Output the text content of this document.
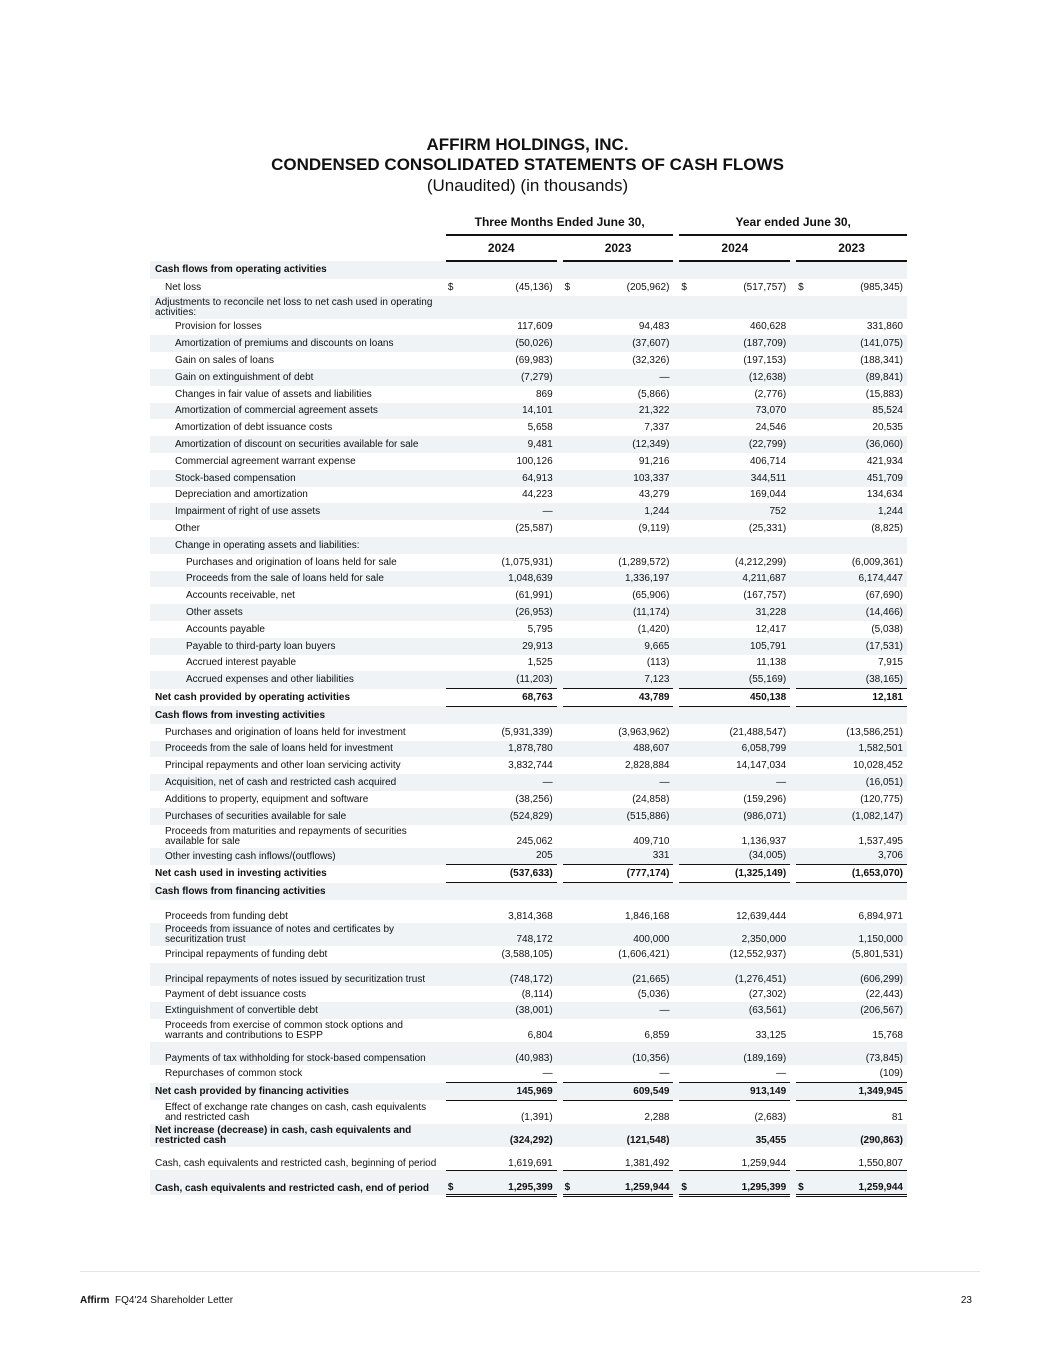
AFFIRM HOLDINGS, INC.
CONDENSED CONSOLIDATED STATEMENTS OF CASH FLOWS
(Unaudited) (in thousands)
		Three Months Ended June 30,						Year ended June 30,				
		2024			2023			2024			2023	
Cash flows from operating activities												
Net loss		$	(45,136)		$	(205,962)		$	(517,757)		$	(985,345)
Adjustments to reconcile net loss to net cash used in operating activities:												
Provision for losses			117,609			94,483			460,628			331,860
Amortization of premiums and discounts on loans			(50,026)			(37,607)			(187,709)			(141,075)
Gain on sales of loans			(69,983)			(32,326)			(197,153)			(188,341)
Gain on extinguishment of debt			(7,279)			—			(12,638)			(89,841)
Changes in fair value of assets and liabilities			869			(5,866)			(2,776)			(15,883)
Amortization of commercial agreement assets			14,101			21,322			73,070			85,524
Amortization of debt issuance costs			5,658			7,337			24,546			20,535
Amortization of discount on securities available for sale			9,481			(12,349)			(22,799)			(36,060)
Commercial agreement warrant expense			100,126			91,216			406,714			421,934
Stock-based compensation			64,913			103,337			344,511			451,709
Depreciation and amortization			44,223			43,279			169,044			134,634
Impairment of right of use assets			—			1,244			752			1,244
Other			(25,587)			(9,119)			(25,331)			(8,825)
Change in operating assets and liabilities:												
Purchases and origination of loans held for sale			(1,075,931)			(1,289,572)			(4,212,299)			(6,009,361)
Proceeds from the sale of loans held for sale			1,048,639			1,336,197			4,211,687			6,174,447
Accounts receivable, net			(61,991)			(65,906)			(167,757)			(67,690)
Other assets			(26,953)			(11,174)			31,228			(14,466)
Accounts payable			5,795			(1,420)			12,417			(5,038)
Payable to third-party loan buyers			29,913			9,665			105,791			(17,531)
Accrued interest payable			1,525			(113)			11,138			7,915
Accrued expenses and other liabilities			(11,203)			7,123			(55,169)			(38,165)
Net cash provided by operating activities			68,763			43,789			450,138			12,181
Cash flows from investing activities												
Purchases and origination of loans held for investment			(5,931,339)			(3,963,962)			(21,488,547)			(13,586,251)
Proceeds from the sale of loans held for investment			1,878,780			488,607			6,058,799			1,582,501
Principal repayments and other loan servicing activity			3,832,744			2,828,884			14,147,034			10,028,452
Acquisition, net of cash and restricted cash acquired			—			—			—			(16,051)
Additions to property, equipment and software			(38,256)			(24,858)			(159,296)			(120,775)
Purchases of securities available for sale			(524,829)			(515,886)			(986,071)			(1,082,147)
Proceeds from maturities and repayments of securities available for sale			245,062			409,710			1,136,937			1,537,495
Other investing cash inflows/(outflows)			205			331			(34,005)			3,706
Net cash used in investing activities			(537,633)			(777,174)			(1,325,149)			(1,653,070)
Cash flows from financing activities												
Proceeds from funding debt			3,814,368			1,846,168			12,639,444			6,894,971
Proceeds from issuance of notes and certificates by securitization trust			748,172			400,000			2,350,000			1,150,000
Principal repayments of funding debt			(3,588,105)			(1,606,421)			(12,552,937)			(5,801,531)
Principal repayments of notes issued by securitization trust			(748,172)			(21,665)			(1,276,451)			(606,299)
Payment of debt issuance costs			(8,114)			(5,036)			(27,302)			(22,443)
Extinguishment of convertible debt			(38,001)			—			(63,561)			(206,567)
Proceeds from exercise of common stock options and warrants and contributions to ESPP			6,804			6,859			33,125			15,768
Payments of tax withholding for stock-based compensation			(40,983)			(10,356)			(189,169)			(73,845)
Repurchases of common stock			—			—			—			(109)
Net cash provided by financing activities			145,969			609,549			913,149			1,349,945
Effect of exchange rate changes on cash, cash equivalents and restricted cash			(1,391)			2,288			(2,683)			81
Net increase (decrease) in cash, cash equivalents and restricted cash			(324,292)			(121,548)			35,455			(290,863)
Cash, cash equivalents and restricted cash, beginning of period			1,619,691			1,381,492			1,259,944			1,550,807
Cash, cash equivalents and restricted cash, end of period		$	1,295,399		$	1,259,944		$	1,295,399		$	1,259,944
Affirm FQ4'24 Shareholder Letter	23
